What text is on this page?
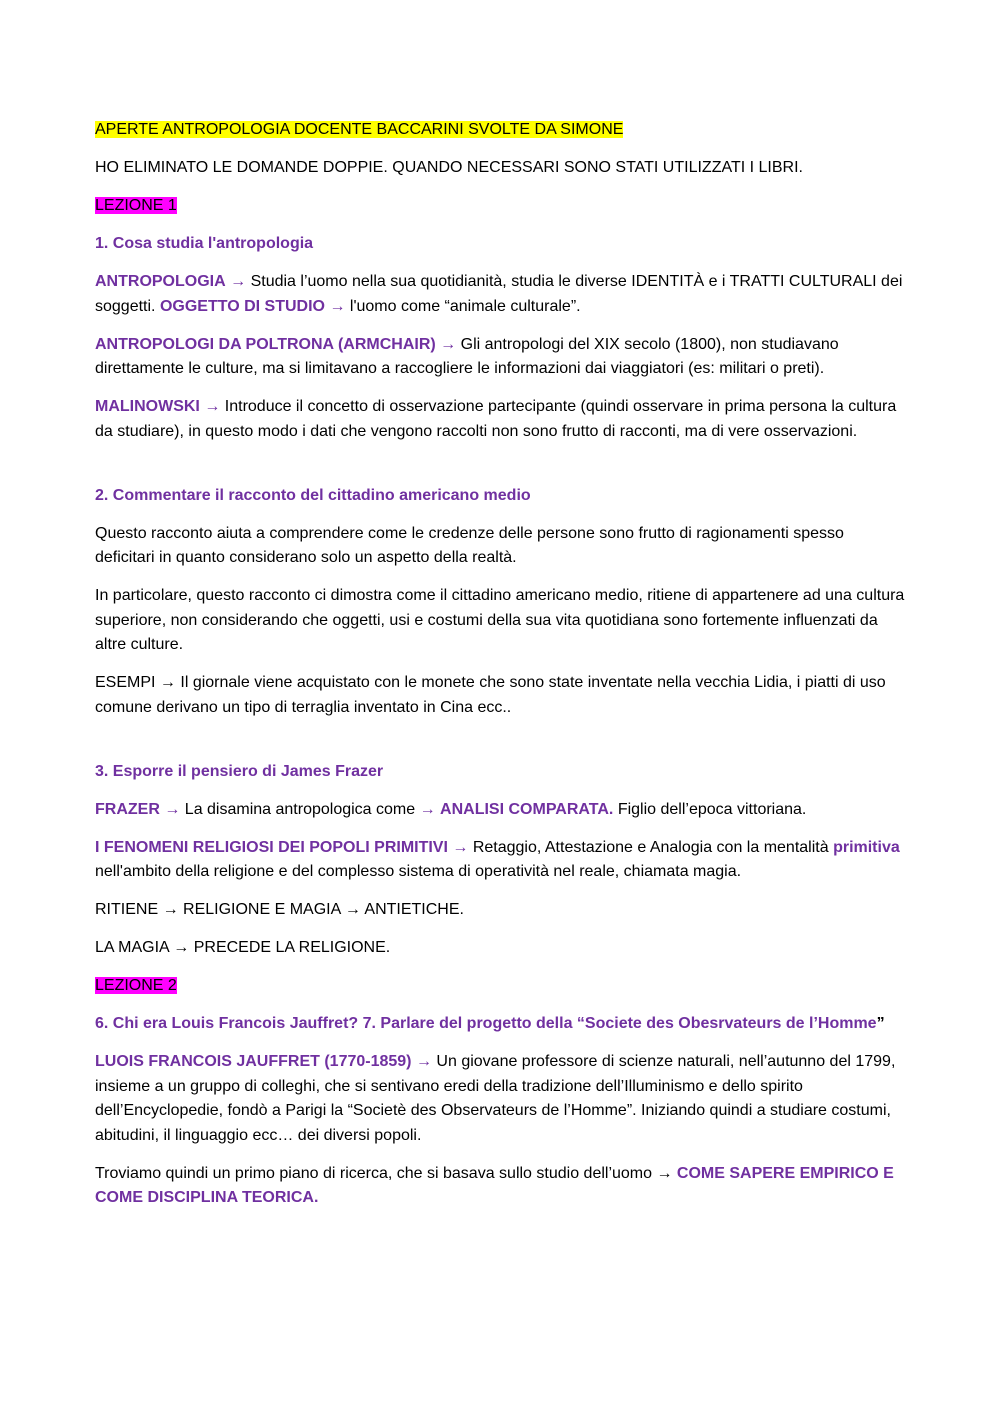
APERTE ANTROPOLOGIA DOCENTE BACCARINI SVOLTE DA SIMONE

HO ELIMINATO LE DOMANDE DOPPIE. QUANDO NECESSARI SONO STATI UTILIZZATI I LIBRI.

LEZIONE 1

1. Cosa studia l'antropologia

ANTROPOLOGIA → Studia l’uomo nella sua quotidianità, studia le diverse IDENTITÀ e i TRATTI CULTURALI dei soggetti. OGGETTO DI STUDIO → l'uomo come “animale culturale”.

ANTROPOLOGI DA POLTRONA (ARMCHAIR) → Gli antropologi del XIX secolo (1800), non studiavano direttamente le culture, ma si limitavano a raccogliere le informazioni dai viaggiatori (es: militari o preti).

MALINOWSKI → Introduce il concetto di osservazione partecipante (quindi osservare in prima persona la cultura da studiare), in questo modo i dati che vengono raccolti non sono frutto di racconti, ma di vere osservazioni.

2. Commentare il racconto del cittadino americano medio

Questo racconto aiuta a comprendere come le credenze delle persone sono frutto di ragionamenti spesso deficitari in quanto considerano solo un aspetto della realtà.

In particolare, questo racconto ci dimostra come il cittadino americano medio, ritiene di appartenere ad una cultura superiore, non considerando che oggetti, usi e costumi della sua vita quotidiana sono fortemente influenzati da altre culture.

ESEMPI → Il giornale viene acquistato con le monete che sono state inventate nella vecchia Lidia, i piatti di uso comune derivano un tipo di terraglia inventato in Cina ecc..

3. Esporre il pensiero di James Frazer

FRAZER → La disamina antropologica come → ANALISI COMPARATA. Figlio dell’epoca vittoriana.

I FENOMENI RELIGIOSI DEI POPOLI PRIMITIVI → Retaggio, Attestazione e Analogia con la mentalità primitiva nell'ambito della religione e del complesso sistema di operatività nel reale, chiamata magia.

RITIENE → RELIGIONE E MAGIA → ANTIETICHE.

LA MAGIA → PRECEDE LA RELIGIONE.

LEZIONE 2

6. Chi era Louis Francois Jauffret? 7. Parlare del progetto della “Societe des Obesrvateurs de l’Homme”

LUOIS FRANCOIS JAUFFRET (1770-1859) → Un giovane professore di scienze naturali, nell’autunno del 1799, insieme a un gruppo di colleghi, che si sentivano eredi della tradizione dell’Illuminismo e dello spirito dell’Encyclopedie, fondò a Parigi la “Societè des Observateurs de l’Homme”. Iniziando quindi a studiare costumi, abitudini, il linguaggio ecc… dei diversi popoli.

Troviamo quindi un primo piano di ricerca, che si basava sullo studio dell’uomo → COME SAPERE EMPIRICO E COME DISCIPLINA TEORICA.
